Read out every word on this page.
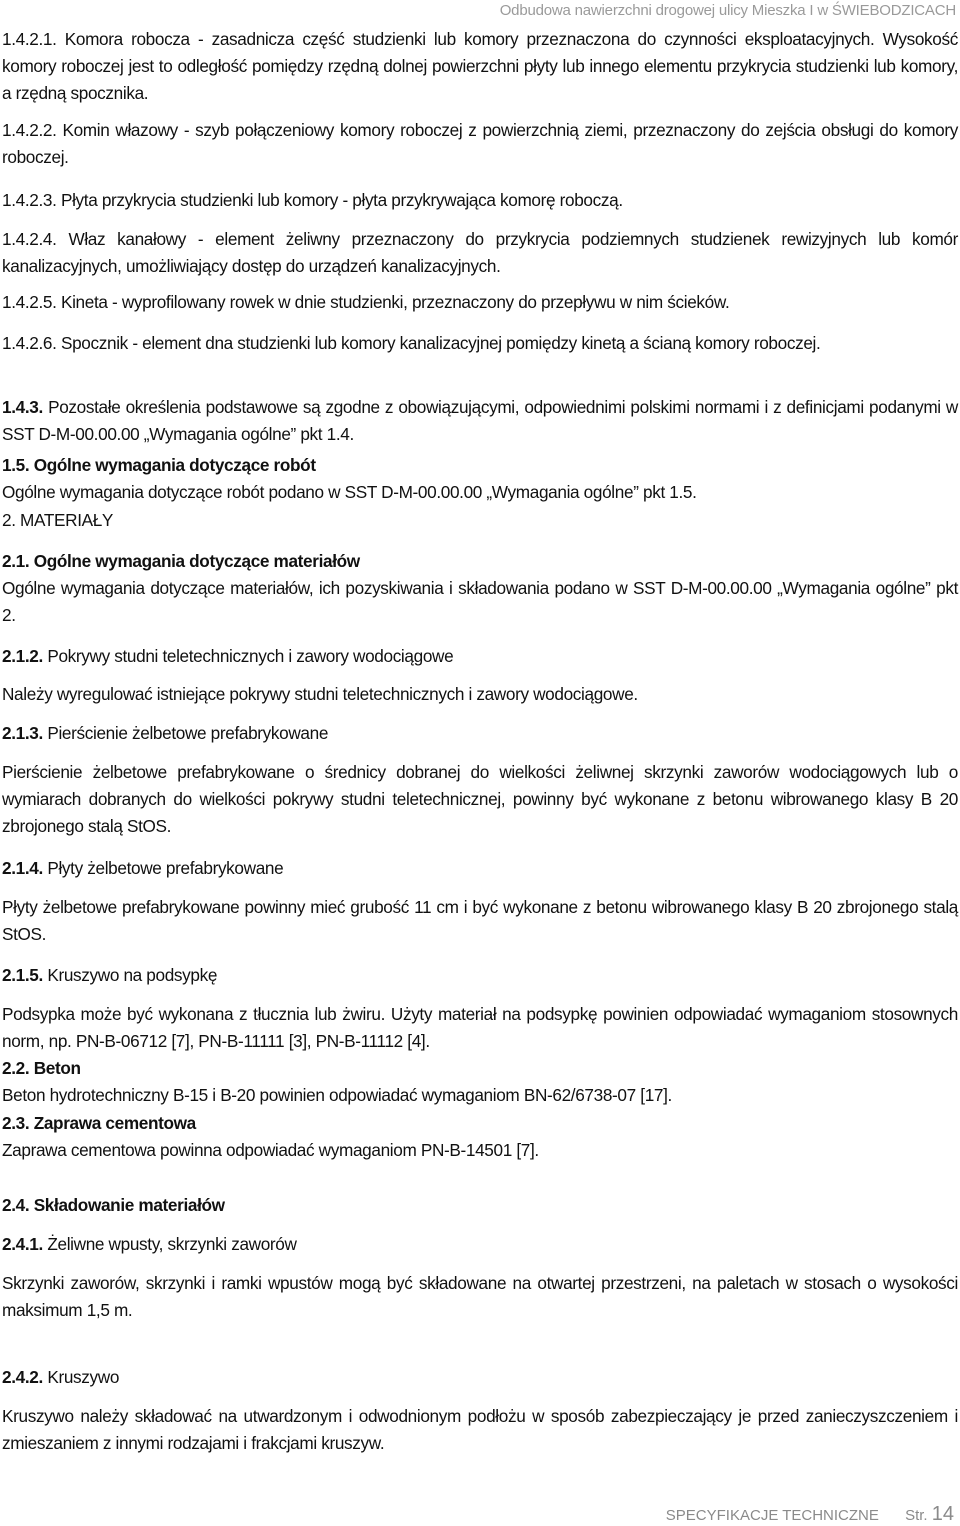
Odbudowa nawierzchni drogowej ulicy Mieszka I w ŚWIEBODZICACH
1.4.2.1. Komora robocza - zasadnicza część studzienki lub komory przeznaczona do czynności eksploatacyjnych. Wysokość komory roboczej jest to odległość pomiędzy rzędną dolnej powierzchni płyty lub innego elementu przykrycia studzienki lub komory, a rzędną spocznika.
1.4.2.2. Komin włazowy - szyb połączeniowy komory roboczej z powierzchnią ziemi, przeznaczony do zejścia obsługi do komory roboczej.
1.4.2.3. Płyta przykrycia studzienki lub komory - płyta przykrywająca komorę roboczą.
1.4.2.4. Właz kanałowy - element żeliwny przeznaczony do przykrycia podziemnych studzienek rewizyjnych lub komór kanalizacyjnych, umożliwiający dostęp do urządzeń kanalizacyjnych.
1.4.2.5. Kineta - wyprofilowany rowek w dnie studzienki, przeznaczony do przepływu w nim ścieków.
1.4.2.6. Spocznik - element dna studzienki lub komory kanalizacyjnej pomiędzy kinetą a ścianą komory roboczej.
1.4.3. Pozostałe określenia podstawowe są zgodne z obowiązującymi, odpowiednimi polskimi normami i z definicjami podanymi w SST D-M-00.00.00 „Wymagania ogólne” pkt 1.4.
1.5. Ogólne wymagania dotyczące robót
Ogólne wymagania dotyczące robót podano w SST D-M-00.00.00 „Wymagania ogólne” pkt 1.5.
2. MATERIAŁY
2.1. Ogólne wymagania dotyczące materiałów
Ogólne wymagania dotyczące materiałów, ich pozyskiwania i składowania podano w SST D-M-00.00.00 „Wymagania ogólne” pkt 2.
2.1.2. Pokrywy studni teletechnicznych i zawory wodociągowe
Należy wyregulować istniejące pokrywy studni teletechnicznych i zawory wodociągowe.
2.1.3. Pierścienie żelbetowe prefabrykowane
Pierścienie żelbetowe prefabrykowane o średnicy dobranej do wielkości żeliwnej skrzynki zaworów wodociągowych lub o wymiarach dobranych do wielkości pokrywy studni teletechnicznej, powinny być wykonane z betonu wibrowanego klasy B 20 zbrojonego stalą StOS.
2.1.4. Płyty żelbetowe prefabrykowane
Płyty żelbetowe prefabrykowane powinny mieć grubość 11 cm i być wykonane z betonu wibrowanego klasy B 20 zbrojonego stalą StOS.
2.1.5. Kruszywo na podsypkę
Podsypka może być wykonana z tłucznia lub żwiru. Użyty materiał na podsypkę powinien odpowiadać wymaganiom stosownych norm, np. PN-B-06712 [7], PN-B-11111 [3], PN-B-11112 [4].
2.2. Beton
Beton hydrotechniczny B-15 i B-20 powinien odpowiadać wymaganiom BN-62/6738-07 [17].
2.3. Zaprawa cementowa
Zaprawa cementowa powinna odpowiadać wymaganiom PN-B-14501 [7].
2.4. Składowanie materiałów
2.4.1. Żeliwne wpusty, skrzynki zaworów
Skrzynki zaworów, skrzynki i ramki wpustów mogą być składowane na otwartej przestrzeni, na paletach w stosach o wysokości maksimum 1,5 m.
2.4.2. Kruszywo
Kruszywo należy składować na utwardzonym i odwodnionym podłożu w sposób zabezpieczający je przed zanieczyszczeniem i zmieszaniem z innymi rodzajami i frakcjami kruszyw.
SPECYFIKACJE TECHNICZNE Str. 14
